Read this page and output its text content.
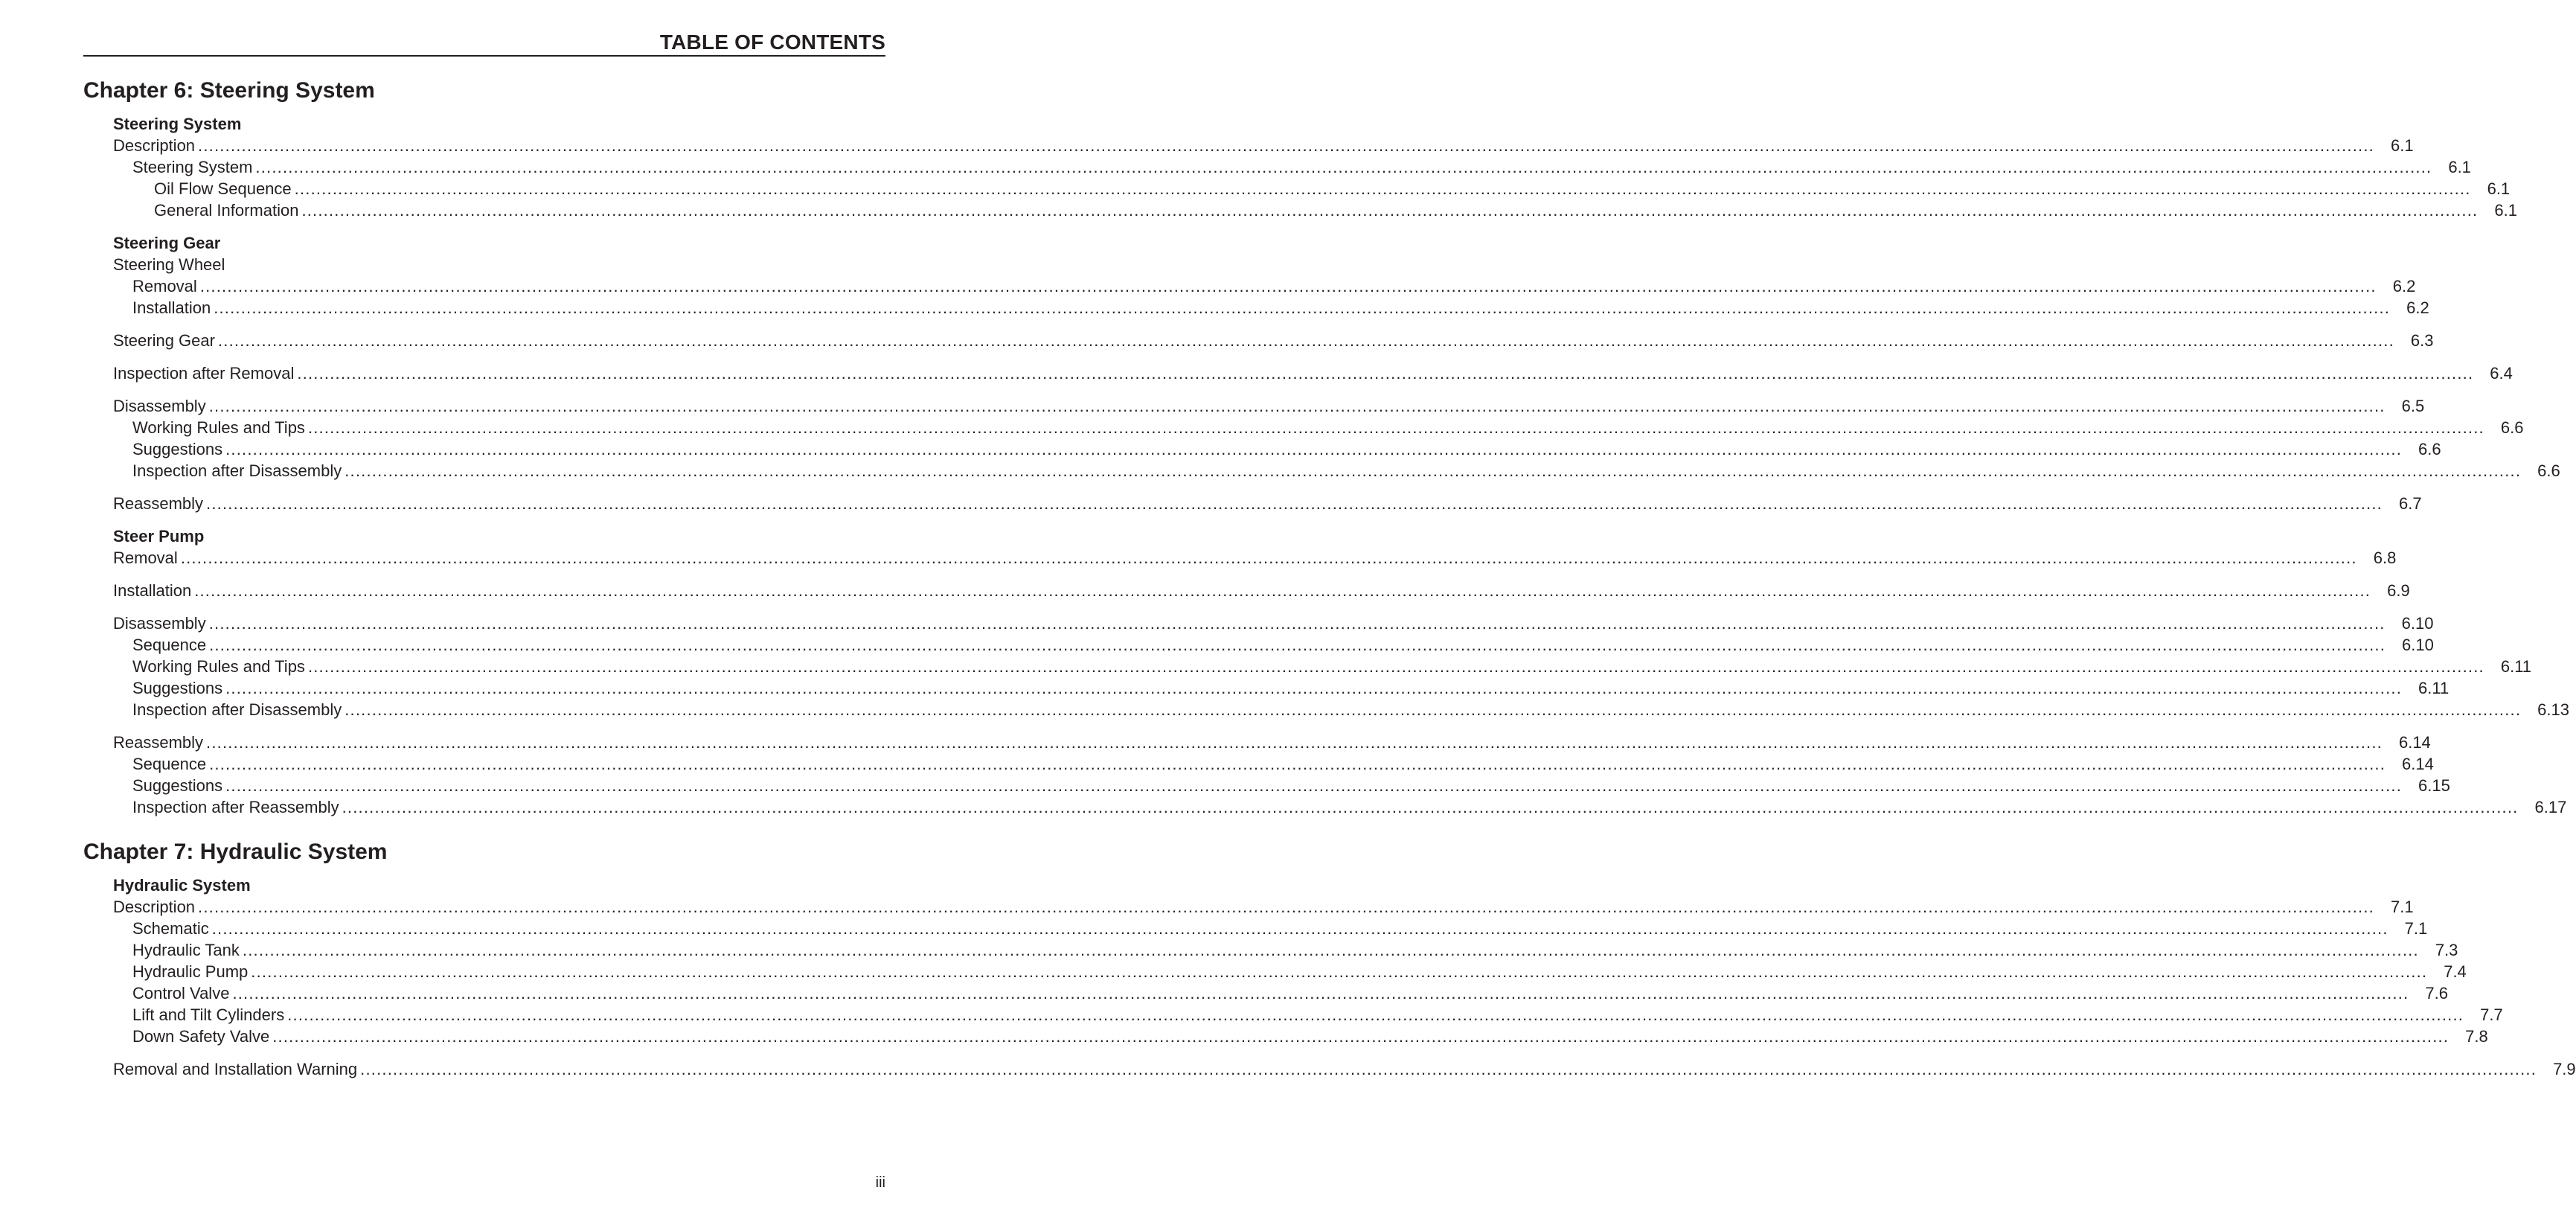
TABLE OF CONTENTS
Chapter 6: Steering System
Steering System
Description ................................................................................................................................................................................................................................................................................................................................................................................................................	6.1
Steering System ................................................................................................................................................................................................................................................................................................................................................................................................................	6.1
Oil Flow Sequence ................................................................................................................................................................................................................................................................................................................................................................................................................	6.1
General Information ................................................................................................................................................................................................................................................................................................................................................................................................................	6.1
Steering Gear
Steering Wheel
Removal ................................................................................................................................................................................................................................................................................................................................................................................................................	6.2
Installation ................................................................................................................................................................................................................................................................................................................................................................................................................	6.2
Steering Gear ................................................................................................................................................................................................................................................................................................................................................................................................................	6.3
Inspection after Removal ................................................................................................................................................................................................................................................................................................................................................................................................................	6.4
Disassembly ................................................................................................................................................................................................................................................................................................................................................................................................................	6.5
Working Rules and Tips ................................................................................................................................................................................................................................................................................................................................................................................................................	6.6
Suggestions ................................................................................................................................................................................................................................................................................................................................................................................................................	6.6
Inspection after Disassembly ................................................................................................................................................................................................................................................................................................................................................................................................................	6.6
Reassembly ................................................................................................................................................................................................................................................................................................................................................................................................................	6.7
Steer Pump
Removal ................................................................................................................................................................................................................................................................................................................................................................................................................	6.8
Installation ................................................................................................................................................................................................................................................................................................................................................................................................................	6.9
Disassembly ................................................................................................................................................................................................................................................................................................................................................................................................................	6.10
Sequence ................................................................................................................................................................................................................................................................................................................................................................................................................	6.10
Working Rules and Tips ................................................................................................................................................................................................................................................................................................................................................................................................................	6.11
Suggestions ................................................................................................................................................................................................................................................................................................................................................................................................................	6.11
Inspection after Disassembly ................................................................................................................................................................................................................................................................................................................................................................................................................	6.13
Reassembly ................................................................................................................................................................................................................................................................................................................................................................................................................	6.14
Sequence ................................................................................................................................................................................................................................................................................................................................................................................................................	6.14
Suggestions ................................................................................................................................................................................................................................................................................................................................................................................................................	6.15
Inspection after Reassembly ................................................................................................................................................................................................................................................................................................................................................................................................................	6.17
Chapter 7: Hydraulic System
Hydraulic System
Description ................................................................................................................................................................................................................................................................................................................................................................................................................	7.1
Schematic ................................................................................................................................................................................................................................................................................................................................................................................................................	7.1
Hydraulic Tank ................................................................................................................................................................................................................................................................................................................................................................................................................	7.3
Hydraulic Pump ................................................................................................................................................................................................................................................................................................................................................................................................................	7.4
Control Valve ................................................................................................................................................................................................................................................................................................................................................................................................................	7.6
Lift and Tilt Cylinders ................................................................................................................................................................................................................................................................................................................................................................................................................	7.7
Down Safety Valve ................................................................................................................................................................................................................................................................................................................................................................................................................	7.8
Removal and Installation Warning ................................................................................................................................................................................................................................................................................................................................................................................................................	7.9
iii
